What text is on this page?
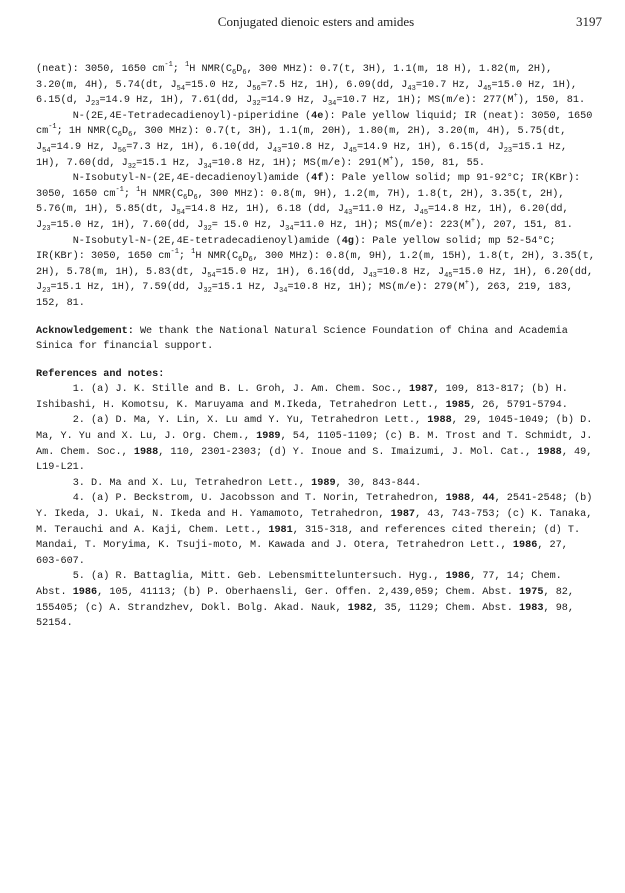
Conjugated dienoic esters and amides	3197

(neat): 3050, 1650 $cm^{-1}$; $^1$H $NMR(C_6D_6$, 300 MHz): 0.7(t, 3H), 1.1(m, 18 H), 1.82(m, 2H), 3.20(m, 4H), 5.74(dt, $J_{54}=15.0$ Hz, $J_{56}=7.5$ Hz, 1H), 6.09(dd, $J_{43}=10.7$ Hz, $J_{45}=15.0$ Hz, 1H), 6.15(d, $J_{23}=14.9$ Hz, 1H), 7.61(dd, $J_{32}=14.9$ Hz, $J_{34}=10.7$ Hz, 1H); MS(m/e): 277(M+), 150, 81.

N-(2E,4E-Tetradecadienoyl)-piperidine (4e): Pale yellow liquid; IR (neat): 3050, 1650 $cm^{-1}$; 1H $NMR(C_6D_6$, 300 MHz): 0.7(t, 3H), 1.1(m, 20H), 1.80(m, 2H), 3.20(m, 4H), 5.75(dt, $J_{54}=14.9$ Hz, $J_{56}=7.3$ Hz, 1H), 6.10(dd, $J_{43}=10.8$ Hz, $J_{45}=14.9$ Hz, 1H), 6.15(d, $J_{23}=15.1$ Hz, 1H), 7.60(dd, $J_{32}=15.1$ Hz, $J_{34}=10.8$ Hz, 1H); MS(m/e): 291(M+), 150, 81, 55.

N-Isobutyl-N-(2E,4E-decadienoyl)amide (4f): Pale yellow solid; mp 91-92°C; IR(KBr): 3050, 1650 $cm^{-1}$; $^1$H $NMR(C_6D_6$, 300 MHz): 0.8(m, 9H), 1.2(m, 7H), 1.8(t, 2H), 3.35(t, 2H), 5.76(m, 1H), 5.85(dt, $J_{54}=14.8$ Hz, 1H), 6.18 (dd, $J_{43}=11.0$ Hz, $J_{45}=14.8$ Hz, 1H), 6.20(dd, $J_{23}=15.0$ Hz, 1H), 7.60(dd, $J_{32}= 15.0$ Hz, $J_{34}=11.0$ Hz, 1H); MS(m/e): 223(M+), 207, 151, 81.

N-Isobutyl-N-(2E,4E-tetradecadienoyl)amide (4g): Pale yellow solid; mp 52-54°C; IR(KBr): 3050, 1650 $cm^{-1}$; $^1$H $NMR(C_6D_6$, 300 MHz): 0.8(m, 9H), 1.2(m, 15H), 1.8(t, 2H), 3.35(t, 2H), 5.78(m, 1H), 5.83(dt, $J_{54}=15.0$ Hz, 1H), 6.16(dd, $J_{43}=10.8$ Hz, $J_{45}=15.0$ Hz, 1H), 6.20(dd, $J_{23}=15.1$ Hz, 1H), 7.59(dd, $J_{32}=15.1$ Hz, $J_{34}=10.8$ Hz, 1H); MS(m/e): 279(M+), 263, 219, 183, 152, 81.

Acknowledgement: We thank the National Natural Science Foundation of China and Academia Sinica for financial support.

References and notes:

1. (a) J. K. Stille and B. L. Groh, J. Am. Chem. Soc., 1987, 109, 813-817; (b) H. Ishibashi, H. Komotsu, K. Maruyama and M.Ikeda, Tetrahedron Lett., 1985, 26, 5791-5794.

2. (a) D. Ma, Y. Lin, X. Lu amd Y. Yu, Tetrahedron Lett., 1988, 29, 1045-1049; (b) D. Ma, Y. Yu and X. Lu, J. Org. Chem., 1989, 54, 1105-1109; (c) B. M. Trost and T. Schmidt, J. Am. Chem. Soc., 1988, 110, 2301-2303; (d) Y. Inoue and S. Imaizumi, J. Mol. Cat., 1988, 49, L19-L21.

3. D. Ma and X. Lu, Tetrahedron Lett., 1989, 30, 843-844.

4. (a) P. Beckstrom, U. Jacobsson and T. Norin, Tetrahedron, 1988, 44, 2541-2548; (b) Y. Ikeda, J. Ukai, N. Ikeda and H. Yamamoto, Tetrahedron, 1987, 43, 743-753; (c) K. Tanaka, M. Terauchi and A. Kaji, Chem. Lett., 1981, 315-318, and references cited therein; (d) T. Mandai, T. Moryima, K. Tsuji-moto, M. Kawada and J. Otera, Tetrahedron Lett., 1986, 27, 603-607.

5. (a) R. Battaglia, Mitt. Geb. Lebensmitteluntersuch. Hyg., 1986, 77, 14; Chem. Abst. 1986, 105, 41113; (b) P. Oberhaensli, Ger. Offen. 2,439,059; Chem. Abst. 1975, 82, 155405; (c) A. Strandzhev, Dokl. Bolg. Akad. Nauk, 1982, 35, 1129; Chem. Abst. 1983, 98, 52154.
